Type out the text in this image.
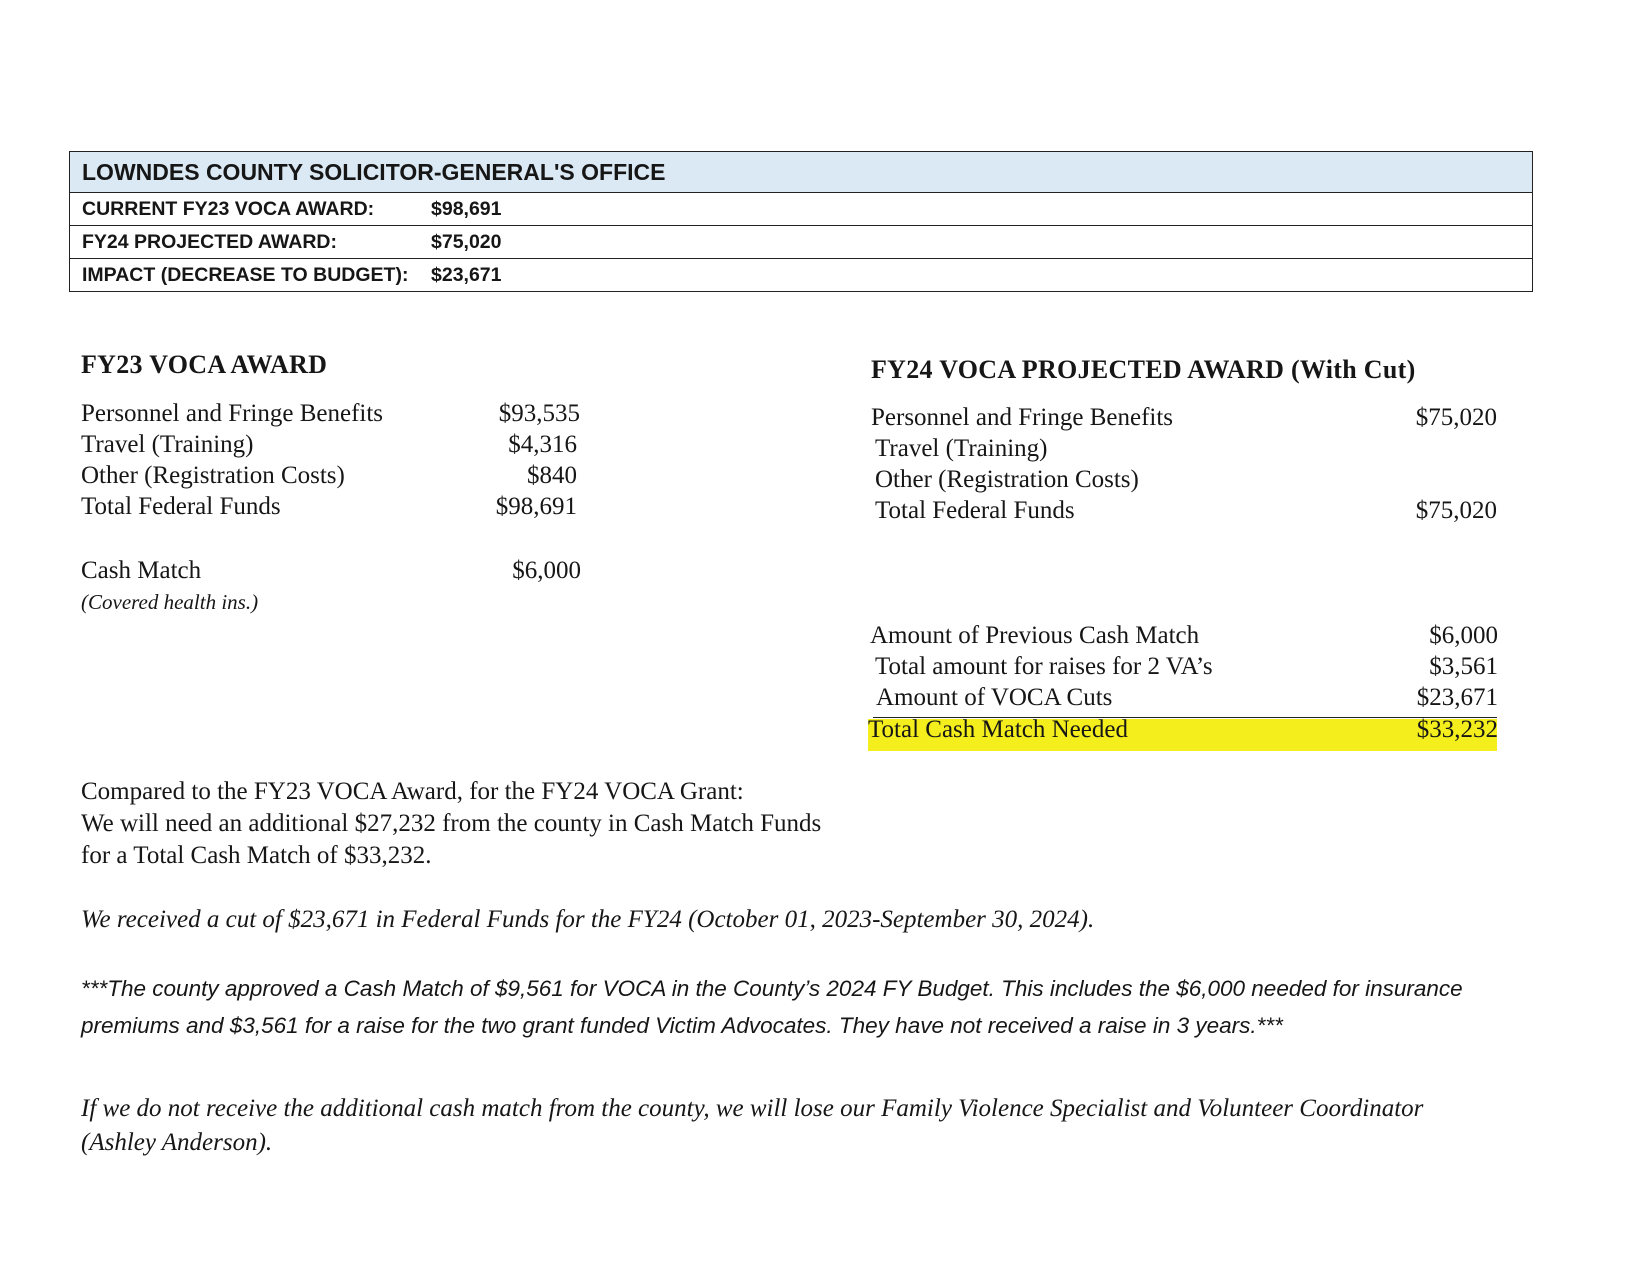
LOWNDES COUNTY SOLICITOR-GENERAL'S OFFICE
CURRENT FY23 VOCA AWARD:	$98,691
FY24 PROJECTED AWARD:	$75,020
IMPACT (DECREASE TO BUDGET):	$23,671
FY23 VOCA AWARD
Personnel and Fringe Benefits	$93,535
Travel (Training)	$4,316
Other (Registration Costs)	$840
Total Federal Funds	$98,691
Cash Match	$6,000
(Covered health ins.)
FY24 VOCA PROJECTED AWARD (With Cut)
Personnel and Fringe Benefits	$75,020
Travel (Training)
Other (Registration Costs)
Total Federal Funds	$75,020
Amount of Previous Cash Match	$6,000
Total amount for raises for 2 VA’s	$3,561
Amount of VOCA Cuts	$23,671
Total Cash Match Needed	$33,232
Compared to the FY23 VOCA Award, for the FY24 VOCA Grant:
We will need an additional $27,232 from the county in Cash Match Funds
for a Total Cash Match of $33,232.
We received a cut of $23,671 in Federal Funds for the FY24 (October 01, 2023-September 30, 2024).
***The county approved a Cash Match of $9,561 for VOCA in the County’s 2024 FY Budget. This includes the $6,000 needed for insurance premiums and $3,561 for a raise for the two grant funded Victim Advocates. They have not received a raise in 3 years.***
If we do not receive the additional cash match from the county, we will lose our Family Violence Specialist and Volunteer Coordinator (Ashley Anderson).
